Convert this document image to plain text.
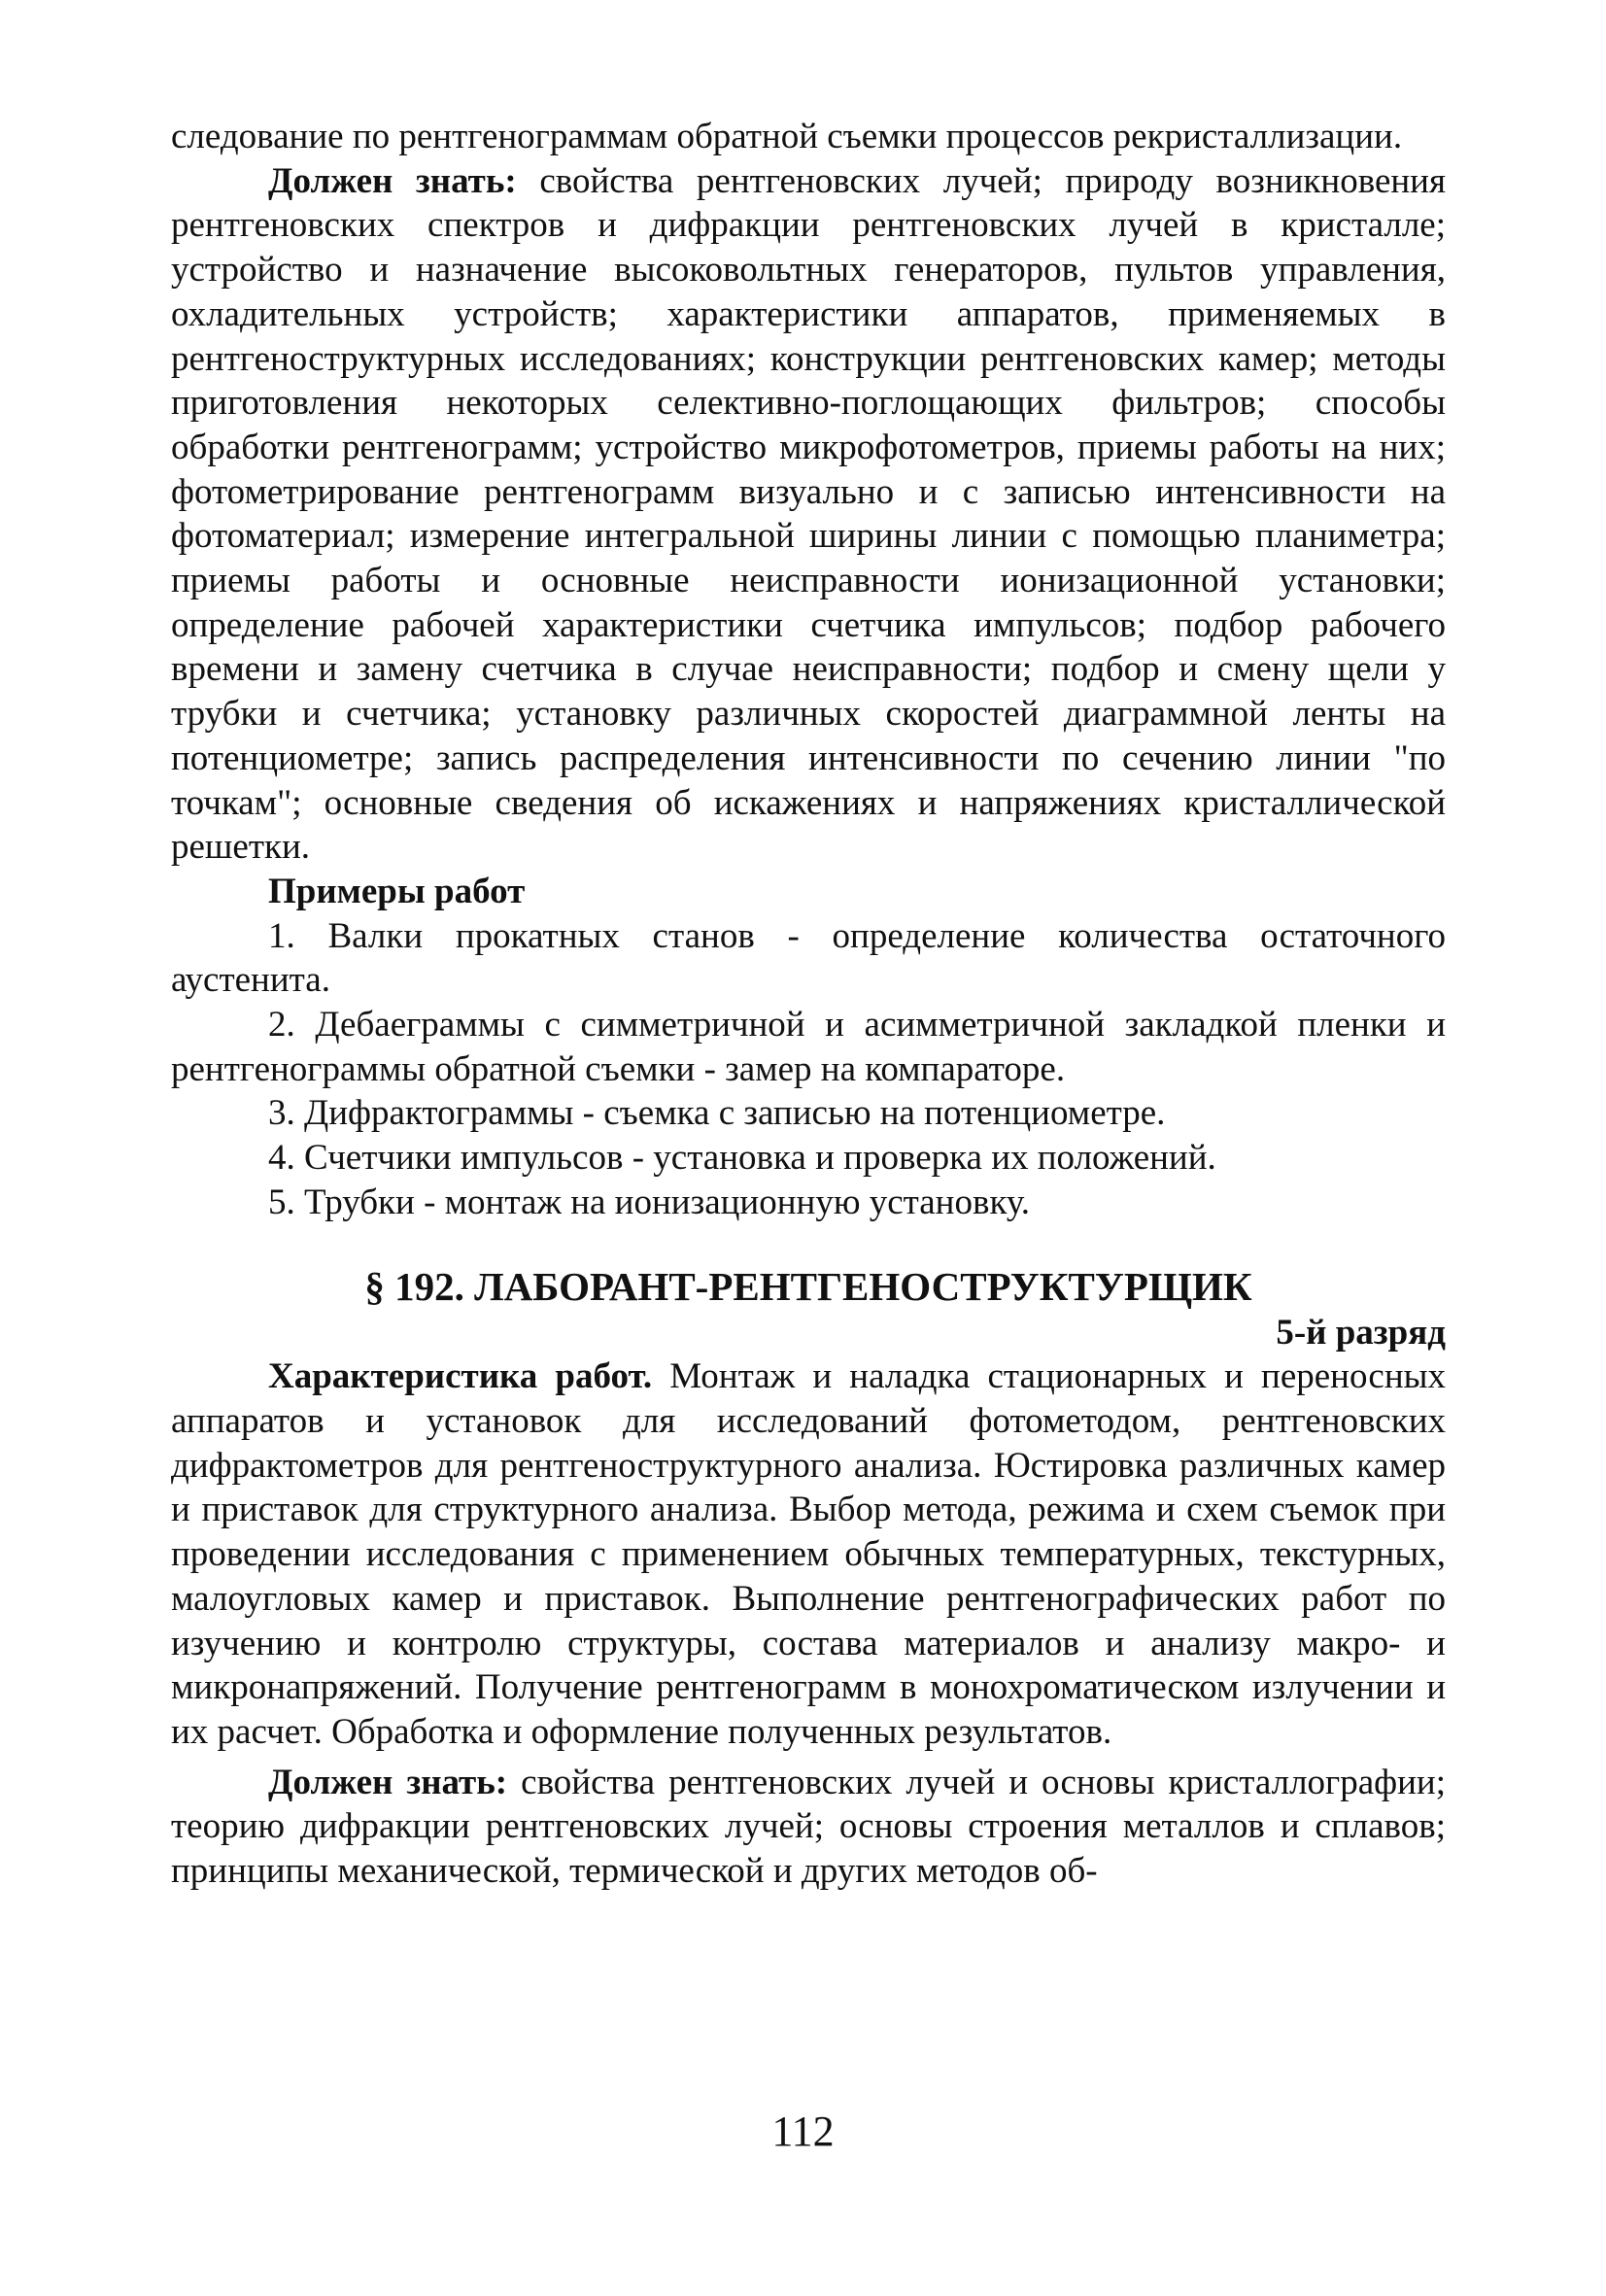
следование по рентгенограммам обратной съемки процессов рекристаллизации.

Должен знать: свойства рентгеновских лучей; природу возникновения рентгеновских спектров и дифракции рентгеновских лучей в кристалле; устройство и назначение высоковольтных генераторов, пультов управления, охладительных устройств; характеристики аппаратов, применяемых в рентгеноструктурных исследованиях; конструкции рентгеновских камер; методы приготовления некоторых селективно-поглощающих фильтров; способы обработки рентгенограмм; устройство микрофотометров, приемы работы на них; фотометрирование рентгенограмм визуально и с записью интенсивности на фотоматериал; измерение интегральной ширины линии с помощью планиметра; приемы работы и основные неисправности ионизационной установки; определение рабочей характеристики счетчика импульсов; подбор рабочего времени и замену счетчика в случае неисправности; подбор и смену щели у трубки и счетчика; установку различных скоростей диаграммной ленты на потенциометре; запись распределения интенсивности по сечению линии "по точкам"; основные сведения об искажениях и напряжениях кристаллической решетки.

Примеры работ

1. Валки прокатных станов - определение количества остаточного аустенита.

2. Дебаеграммы с симметричной и асимметричной закладкой пленки и рентгенограммы обратной съемки - замер на компараторе.

3. Дифрактограммы - съемка с записью на потенциометре.

4. Счетчики импульсов - установка и проверка их положений.

5. Трубки - монтаж на ионизационную установку.

§ 192. ЛАБОРАНТ-РЕНТГЕНОСТРУКТУРЩИК

5-й разряд

Характеристика работ. Монтаж и наладка стационарных и переносных аппаратов и установок для исследований фотометодом, рентгеновских дифрактометров для рентгеноструктурного анализа. Юстировка различных камер и приставок для структурного анализа. Выбор метода, режима и схем съемок при проведении исследования с применением обычных температурных, текстурных, малоугловых камер и приставок. Выполнение рентгенографических работ по изучению и контролю структуры, состава материалов и анализу макро- и микронапряжений. Получение рентгенограмм в монохроматическом излучении и их расчет. Обработка и оформление полученных результатов.

Должен знать: свойства рентгеновских лучей и основы кристаллографии; теорию дифракции рентгеновских лучей; основы строения металлов и сплавов; принципы механической, термической и других методов об-

112
